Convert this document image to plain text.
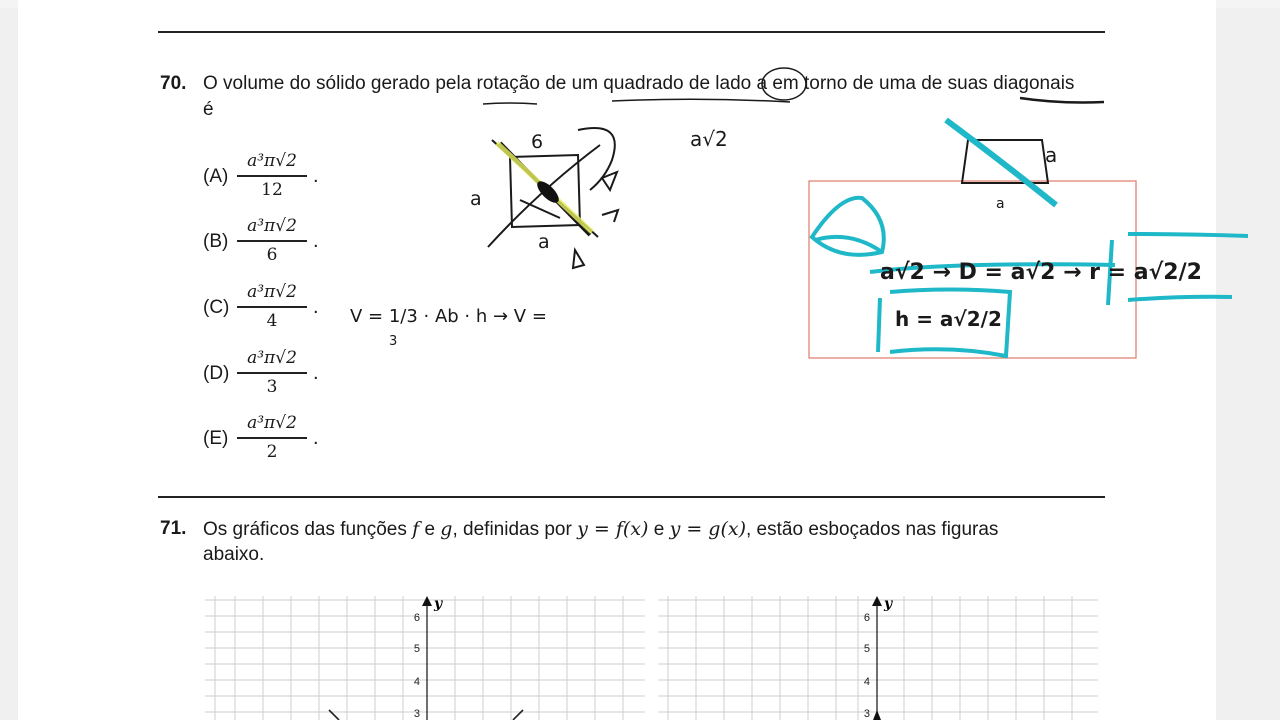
70. O volume do sólido gerado pela rotação de um quadrado de lado a em torno de uma de suas diagonais
é
(A)
a³π√2
12
.
(B)
a³π√2
6
.
(C)
a³π√2
4
.
(D)
a³π√2
3
.
(E)
a³π√2
2
.
71. Os gráficos das funções f e g, definidas por y = f(x) e y = g(x), estão esboçados nas figuras
abaixo.
y
6
5
4
3
y
6
5
4
3
6
a
a
a√2
V = 1/3 · Ab · h → V =
3
a
a
a√2 → D = a√2 → r = a√2/2
h = a√2/2
